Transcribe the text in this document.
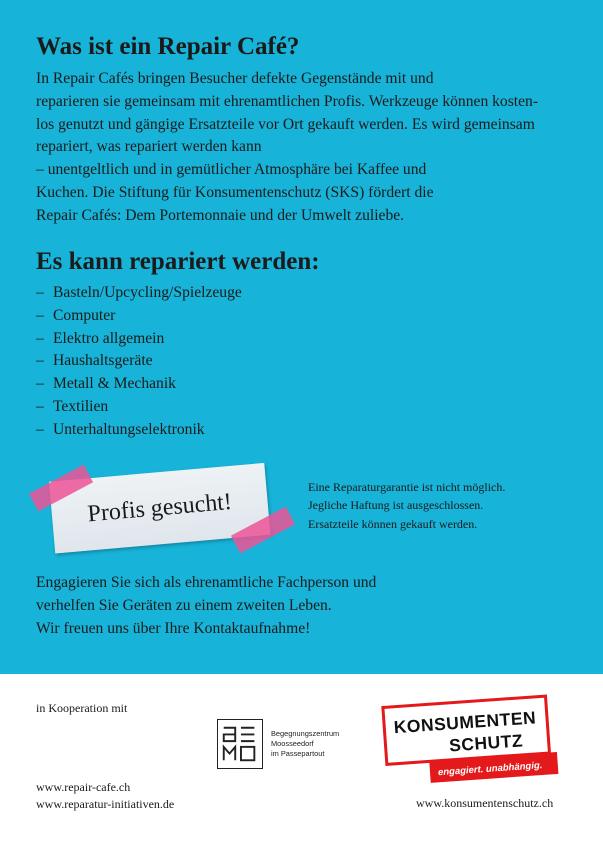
Was ist ein Repair Café?
In Repair Cafés bringen Besucher defekte Gegenstände mit und
reparieren sie gemeinsam mit ehrenamtlichen Profis. Werkzeuge können kosten-
los genutzt und gängige Ersatzteile vor Ort gekauft werden. Es wird gemeinsam
repariert, was repariert werden kann
– unentgeltlich und in gemütlicher Atmosphäre bei Kaffee und
Kuchen. Die Stiftung für Konsumentenschutz (SKS) fördert die
Repair Cafés: Dem Portemonnaie und der Umwelt zuliebe.
Es kann repariert werden:
– Basteln/Upcycling/Spielzeuge
– Computer
– Elektro allgemein
– Haushaltsgeräte
– Metall & Mechanik
– Textilien
– Unterhaltungselektronik
Profis gesucht!
Eine Reparaturgarantie ist nicht möglich.
Jegliche Haftung ist ausgeschlossen.
Ersatzteile können gekauft werden.
Engagieren Sie sich als ehrenamtliche Fachperson und
verhelfen Sie Geräten zu einem zweiten Leben.
Wir freuen uns über Ihre Kontaktaufnahme!
in Kooperation mit
Begegnungszentrum
Moosseedorf
im Passepartout
KONSUMENTEN
SCHUTZ
engagiert. unabhängig.
www.repair-cafe.ch
www.reparatur-initiativen.de	www.konsumentenschutz.ch
